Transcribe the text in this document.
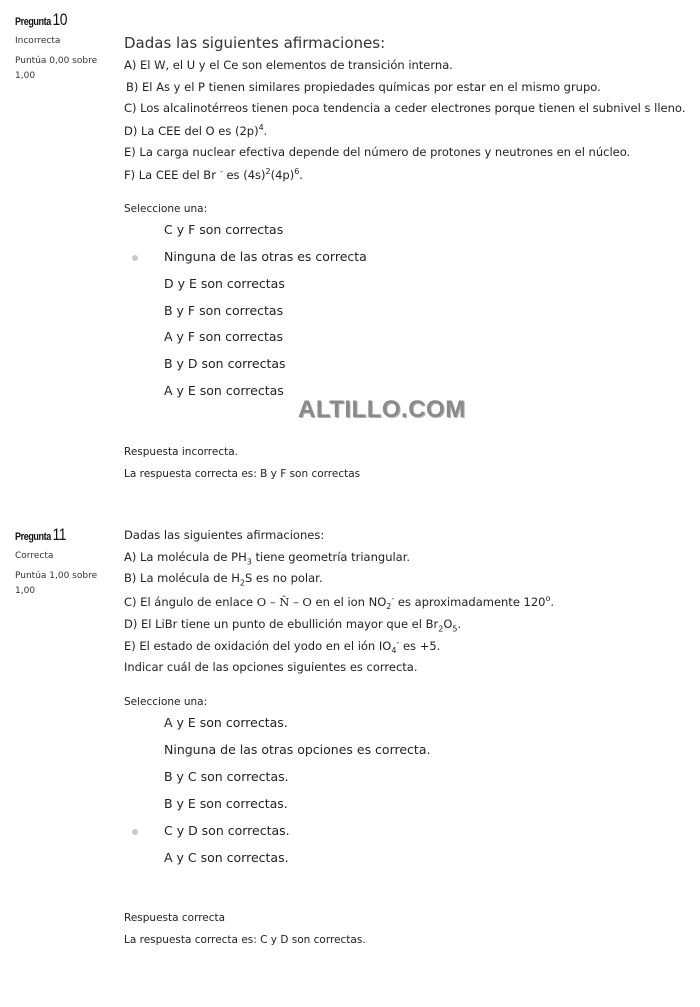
Pregunta10
Incorrecta
Puntúa 0,00 sobre
1,00
Dadas las siguientes afirmaciones:
A) El W, el U y el Ce son elementos de transición interna.
B) El As y el P tienen similares propiedades químicas por estar en el mismo grupo.
C) Los alcalinotérreos tienen poca tendencia a ceder electrones porque tienen el subnivel s lleno.
D) La CEE del O es $(2p)^4$.
E) La carga nuclear efectiva depende del número de protones y neutrones en el núcleo.
F) La CEE del Br - es $(4s)^2(4p)^6$.
Seleccione una:
C y F son correctas
Ninguna de las otras es correcta
D y E son correctas
B y F son correctas
A y F son correctas
B y D son correctas
A y E son correctas
Respuesta incorrecta.
La respuesta correcta es: B y F son correctas
ALTILLO.COM
Pregunta11
Correcta
Puntúa 1,00 sobre
1,00
Dadas las siguientes afirmaciones:
A) La molécula de $PH_3$ tiene geometría triangular.
B) La molécula de $H_2S$ es no polar.
C) El ángulo de enlace O – N̂ – O en el ion $NO_2^-$ es aproximadamente 120$^o$.
D) El LiBr tiene un punto de ebullición mayor que el $Br_2O_5$.
E) El estado de oxidación del yodo en el ión $IO_4^-$ es +5.
Indicar cuál de las opciones siguientes es correcta.
Seleccione una:
A y E son correctas.
Ninguna de las otras opciones es correcta.
B y C son correctas.
B y E son correctas.
C y D son correctas.
A y C son correctas.
Respuesta correcta
La respuesta correcta es: C y D son correctas.
